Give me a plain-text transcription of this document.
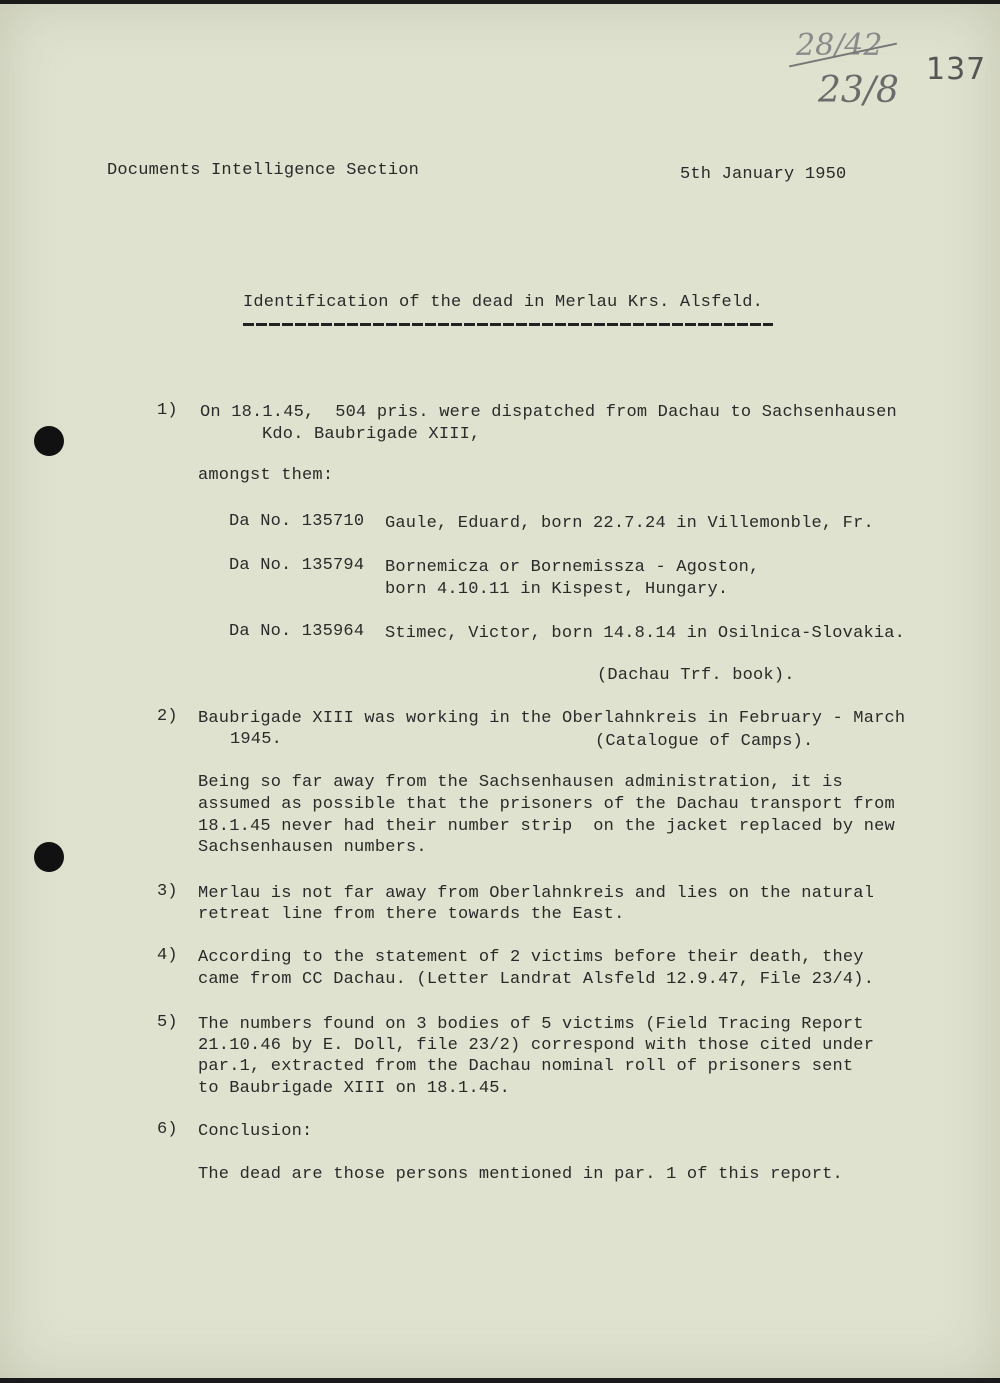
28/42
23/8
137
Documents Intelligence Section	5th January 1950
Identification of the dead in Merlau Krs. Alsfeld.
1) On 18.1.45,  504 pris. were dispatched from Dachau to Sachsenhausen
Kdo. Baubrigade XIII,
amongst them:
Da No. 135710 Gaule, Eduard, born 22.7.24 in Villemonble, Fr.
Da No. 135794 Bornemicza or Bornemissza - Agoston,
born 4.10.11 in Kispest, Hungary.
Da No. 135964 Stimec, Victor, born 14.8.14 in Osilnica-Slovakia.
(Dachau Trf. book).
2) Baubrigade XIII was working in the Oberlahnkreis in February - March
1945.	(Catalogue of Camps).
Being so far away from the Sachsenhausen administration, it is
assumed as possible that the prisoners of the Dachau transport from
18.1.45 never had their number strip  on the jacket replaced by new
Sachsenhausen numbers.
3) Merlau is not far away from Oberlahnkreis and lies on the natural
retreat line from there towards the East.
4) According to the statement of 2 victims before their death, they
came from CC Dachau. (Letter Landrat Alsfeld 12.9.47, File 23/4).
5) The numbers found on 3 bodies of 5 victims (Field Tracing Report
21.10.46 by E. Doll, file 23/2) correspond with those cited under
par.1, extracted from the Dachau nominal roll of prisoners sent
to Baubrigade XIII on 18.1.45.
6) Conclusion:
The dead are those persons mentioned in par. 1 of this report.
